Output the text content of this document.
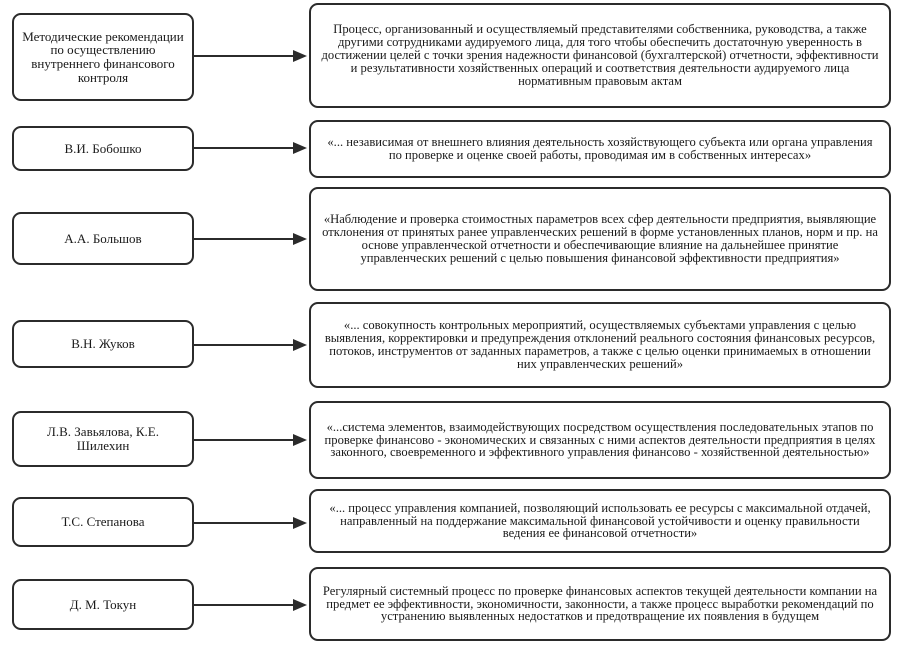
Методические рекомендации по осуществлению внутреннего финансового контроля
Процесс, организованный и осуществляемый представителями собственника, руководства, а также другими сотрудниками аудируемого лица, для того чтобы обеспечить достаточную уверенность в достижении целей с точки зрения надежности финансовой (бухгалтерской) отчетности, эффективности и результативности хозяйственных операций и соответствия деятельности аудируемого лица нормативным правовым актам
В.И. Бобошко	«... независимая от внешнего влияния деятельность хозяйствующего субъекта или органа управления по проверке и оценке своей работы, проводимая им в собственных интересах»
А.А. Большов
«Наблюдение и проверка стоимостных параметров всех сфер деятельности предприятия, выявляющие отклонения от принятых ранее управленческих решений в форме установленных планов, норм и пр. на основе управленческой отчетности и обеспечивающие влияние на дальнейшее принятие управленческих решений с целью повышения финансовой эффективности предприятия»
В.Н. Жуков
«... совокупность контрольных мероприятий, осуществляемых субъектами управления с целью выявления, корректировки и предупреждения отклонений реального состояния финансовых ресурсов, потоков, инструментов от заданных параметров, а также с целью оценки принимаемых в отношении них управленческих решений»
Л.В. Завьялова, К.Е. Шилехин
«...система элементов, взаимодействующих посредством осуществления последовательных этапов по проверке финансово - экономических и связанных с ними аспектов деятельности предприятия в целях законного, своевременного и эффективного управления финансово - хозяйственной деятельностью»
Т.С. Степанова
«... процесс управления компанией, позволяющий использовать ее ресурсы с максимальной отдачей, направленный на поддержание максимальной финансовой устойчивости и оценку правильности ведения ее финансовой отчетности»
Д. М. Токун
Регулярный системный процесс по проверке финансовых аспектов текущей деятельности компании на предмет ее эффективности, экономичности, законности, а также процесс выработки рекомендаций по устранению выявленных недостатков и предотвращение их появления в будущем
